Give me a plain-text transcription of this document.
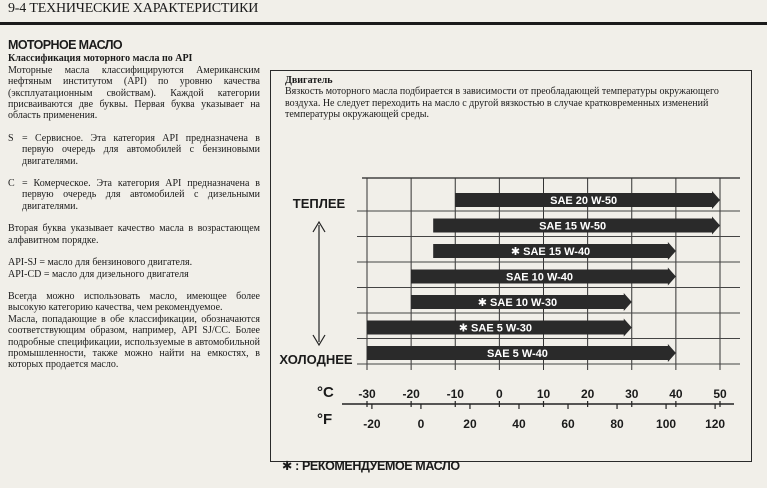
9-4 ТЕХНИЧЕСКИЕ ХАРАКТЕРИСТИКИ
МОТОРНОЕ МАСЛО
Классификация моторного масла по API

Моторные масла классифицируются Американским нефтяным институтом (API) по уровню качества (эксплуатационным свойствам). Каждой категории присваиваются две буквы. Первая буква указывает на область применения.

S = Сервисное. Эта категория API предназначена в первую очередь для автомобилей с бензиновыми двигателями.
C = Комерческое. Эта категория API предназначена в первую очередь для автомобилей с дизельными двигателями.

Вторая буква указывает качество масла в возрастающем алфавитном порядке.

API-SJ = масло для бензинового двигателя.

API-CD = масло для дизельного двигателя

Всегда можно использовать масло, имеющее более высокую категорию качества, чем рекомендуемое.

Масла, попадающие в обе классификации, обозначаются соответствующим образом, например, API SJ/CC. Более подробные спецификации, используемые в автомобильной промышленности, также можно найти на емкостях, в которых продается масло.

Двигатель
Вязкость моторного масла подбирается в зависимости от преобладающей температуры окружающего воздуха. Не следует переходить на масло с другой вязкостью в случае кратковременных изменений температуры окружающей среды.
SAE 20 W-50
SAE 15 W-50
✱ SAE 15 W-40
SAE 10 W-40
✱ SAE 10 W-30
✱ SAE 5 W-30
SAE 5 W-40
°C -30 -20 -10	0	10	20	30	40	50
°F	-20	0	20	40	60	80	100 120
ТЕПЛЕЕ
ХОЛОДНЕЕ
✱ : РЕКОМЕНДУЕМОЕ МАСЛО
